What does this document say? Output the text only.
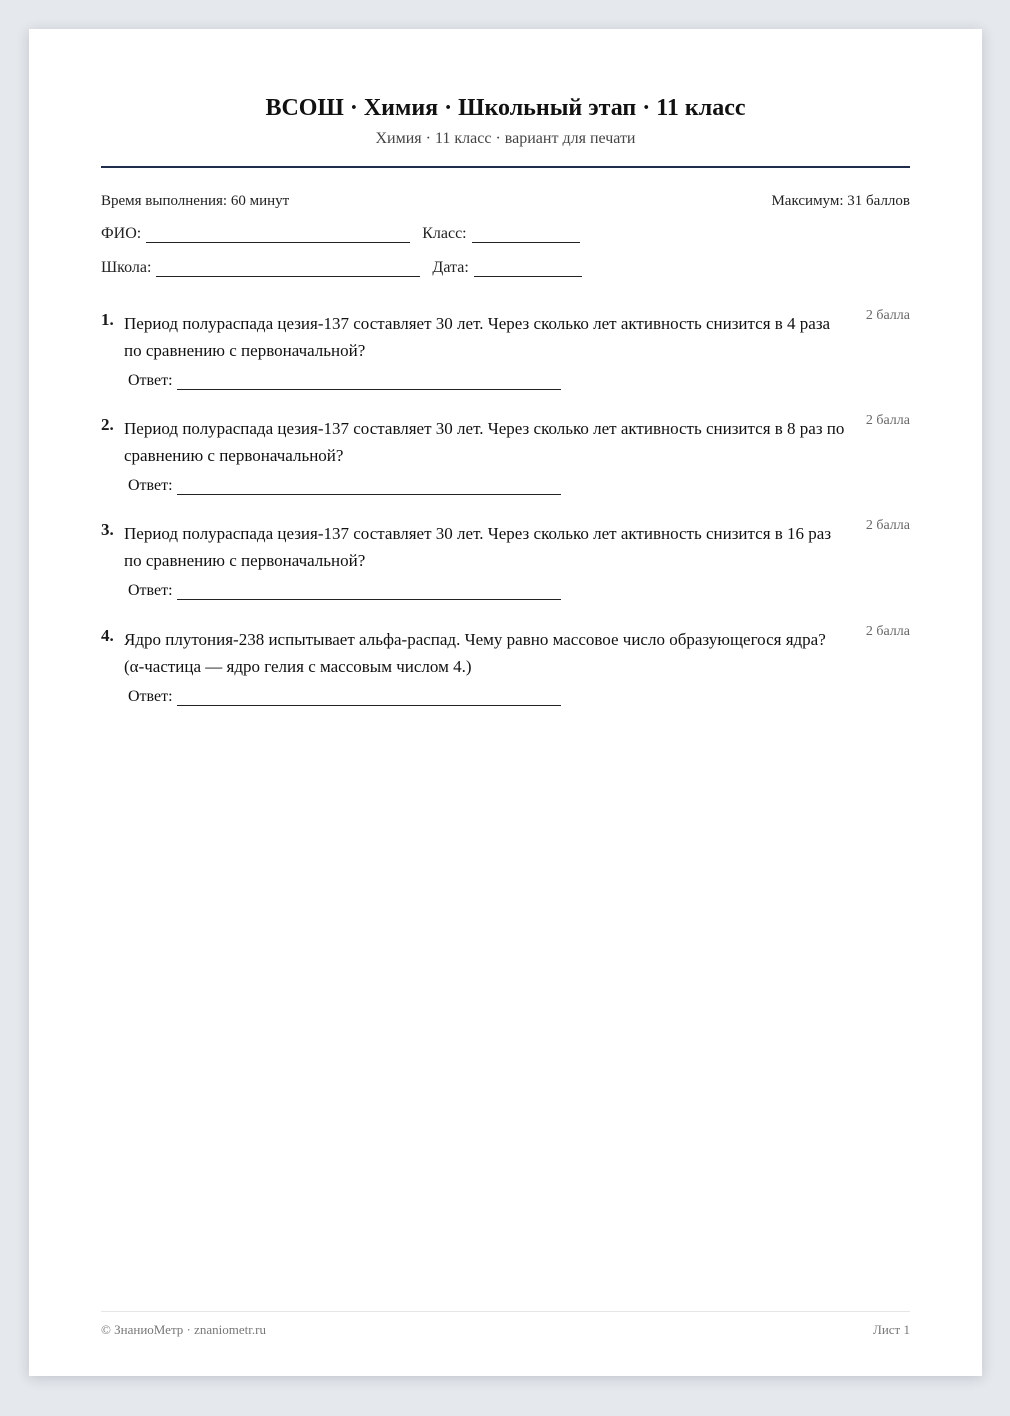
ВСОШ · Химия · Школьный этап · 11 класс
Химия · 11 класс · вариант для печати
Время выполнения: 60 минут	Максимум: 31 баллов
ФИО:	Класс:
Школа:	Дата:
1. Период полураспада цезия-137 составляет 30 лет. Через сколько лет активность снизится в 4 раза по сравнению с первоначальной?
2 балла
Ответ:
2. Период полураспада цезия-137 составляет 30 лет. Через сколько лет активность снизится в 8 раз по сравнению с первоначальной?
2 балла
Ответ:
3. Период полураспада цезия-137 составляет 30 лет. Через сколько лет активность снизится в 16 раз по сравнению с первоначальной?
2 балла
Ответ:
4. Ядро плутония-238 испытывает альфа-распад. Чему равно массовое число образующегося ядра? (α-частица — ядро гелия с массовым числом 4.)
2 балла
Ответ:
© ЗнаниоМетр · znaniometr.ru	Лист 1
